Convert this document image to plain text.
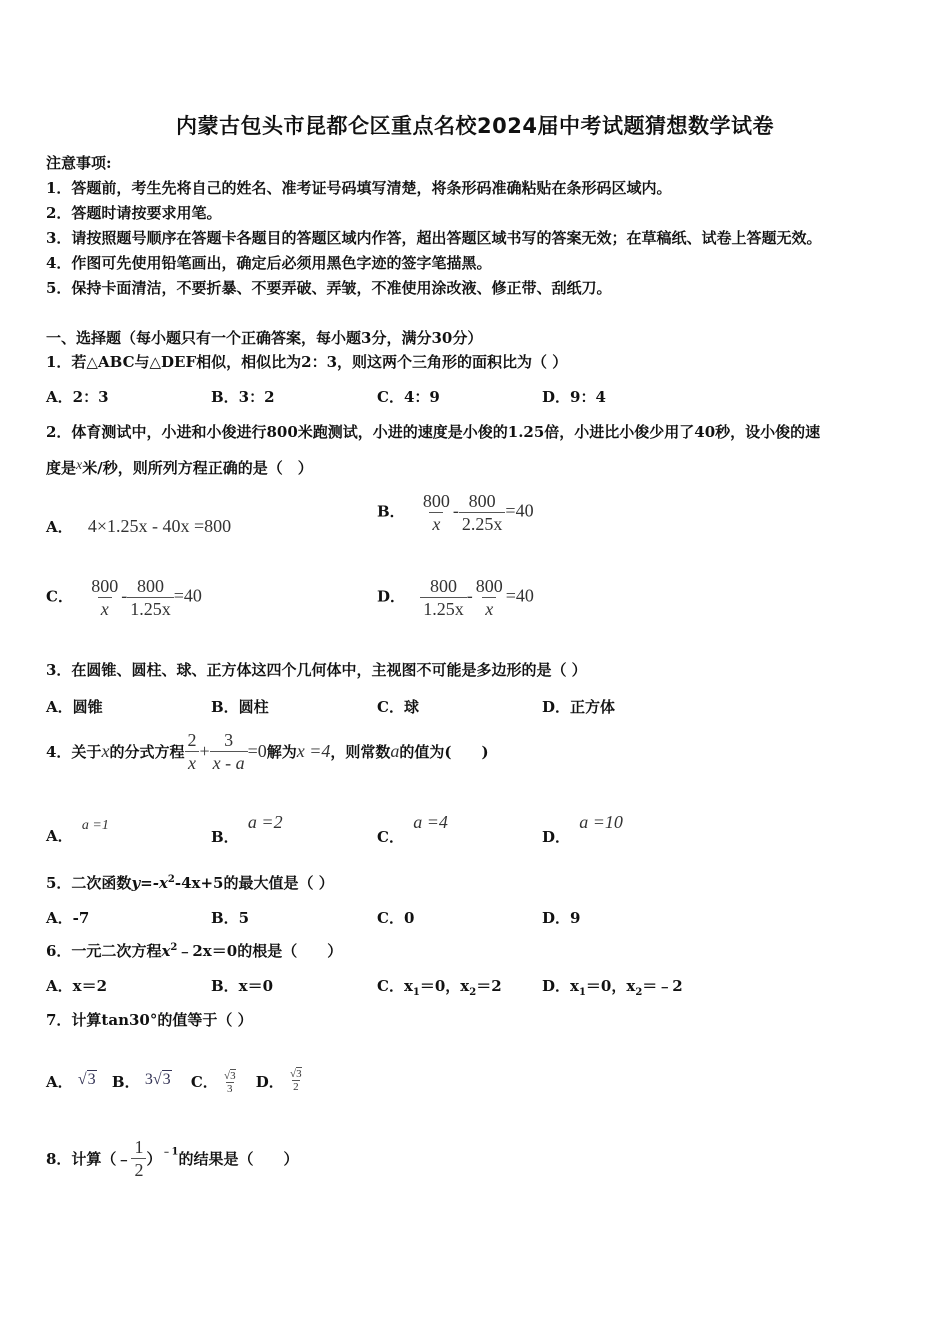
内蒙古包头市昆都仑区重点名校2024届中考试题猜想数学试卷
注意事项:
1．答题前，考生先将自己的姓名、准考证号码填写清楚，将条形码准确粘贴在条形码区域内。
2．答题时请按要求用笔。
3．请按照题号顺序在答题卡各题目的答题区域内作答，超出答题区域书写的答案无效；在草稿纸、试卷上答题无效。
4．作图可先使用铅笔画出，确定后必须用黑色字迹的签字笔描黑。
5．保持卡面清洁，不要折暴、不要弄破、弄皱，不准使用涂改液、修正带、刮纸刀。
一、选择题（每小题只有一个正确答案，每小题3分，满分30分）
1．若△ABC与△DEF相似，相似比为2：3，则这两个三角形的面积比为（ ）
A．2：3	B．3：2	C．4：9	D．9：4
2．体育测试中，小进和小俊进行800米跑测试，小进的速度是小俊的1.25倍，小进比小俊少用了40秒，设小俊的速
度是x米/秒，则所列方程正确的是（　）
A． 4×1.25x - 40x =800
B． $\frac{800}{x} - \frac{800}{2.25x} =40$
C． $\frac{800}{x} - \frac{800}{1.25x} =40$	D． $\frac{800}{1.25x} - \frac{800}{x} =40$
3．在圆锥、圆柱、球、正方体这四个几何体中，主视图不可能是多边形的是（ ）
A．圆锥	B．圆柱	C．球	D．正方体
4．关于x的分式方程 $\frac{2}{x} + \frac{3}{x - a} =0$解为x =4，则常数a的值为(　　)
A． a =1
B． a =2
C． a =4
D． a =10
5．二次函数$y=-x^2-4x+5$的最大值是（ ）
A．-7	B．5	C．0	D．9
6．一元二次方程$x^2﹣2x=0$的根是（　　）
A．x＝2	B．x＝0	C．$x_1=0$，$x_2=2$	D．$x_1=0$，$x_2=﹣2$
7．计算tan30°的值等于（ ）
A． √3 B． 3√3 C． $\frac{√3}{3}$ D． $\frac{√3}{2}$
8．计算（﹣ $\frac{1}{2} )^{﹣1}$的结果是（　　）
